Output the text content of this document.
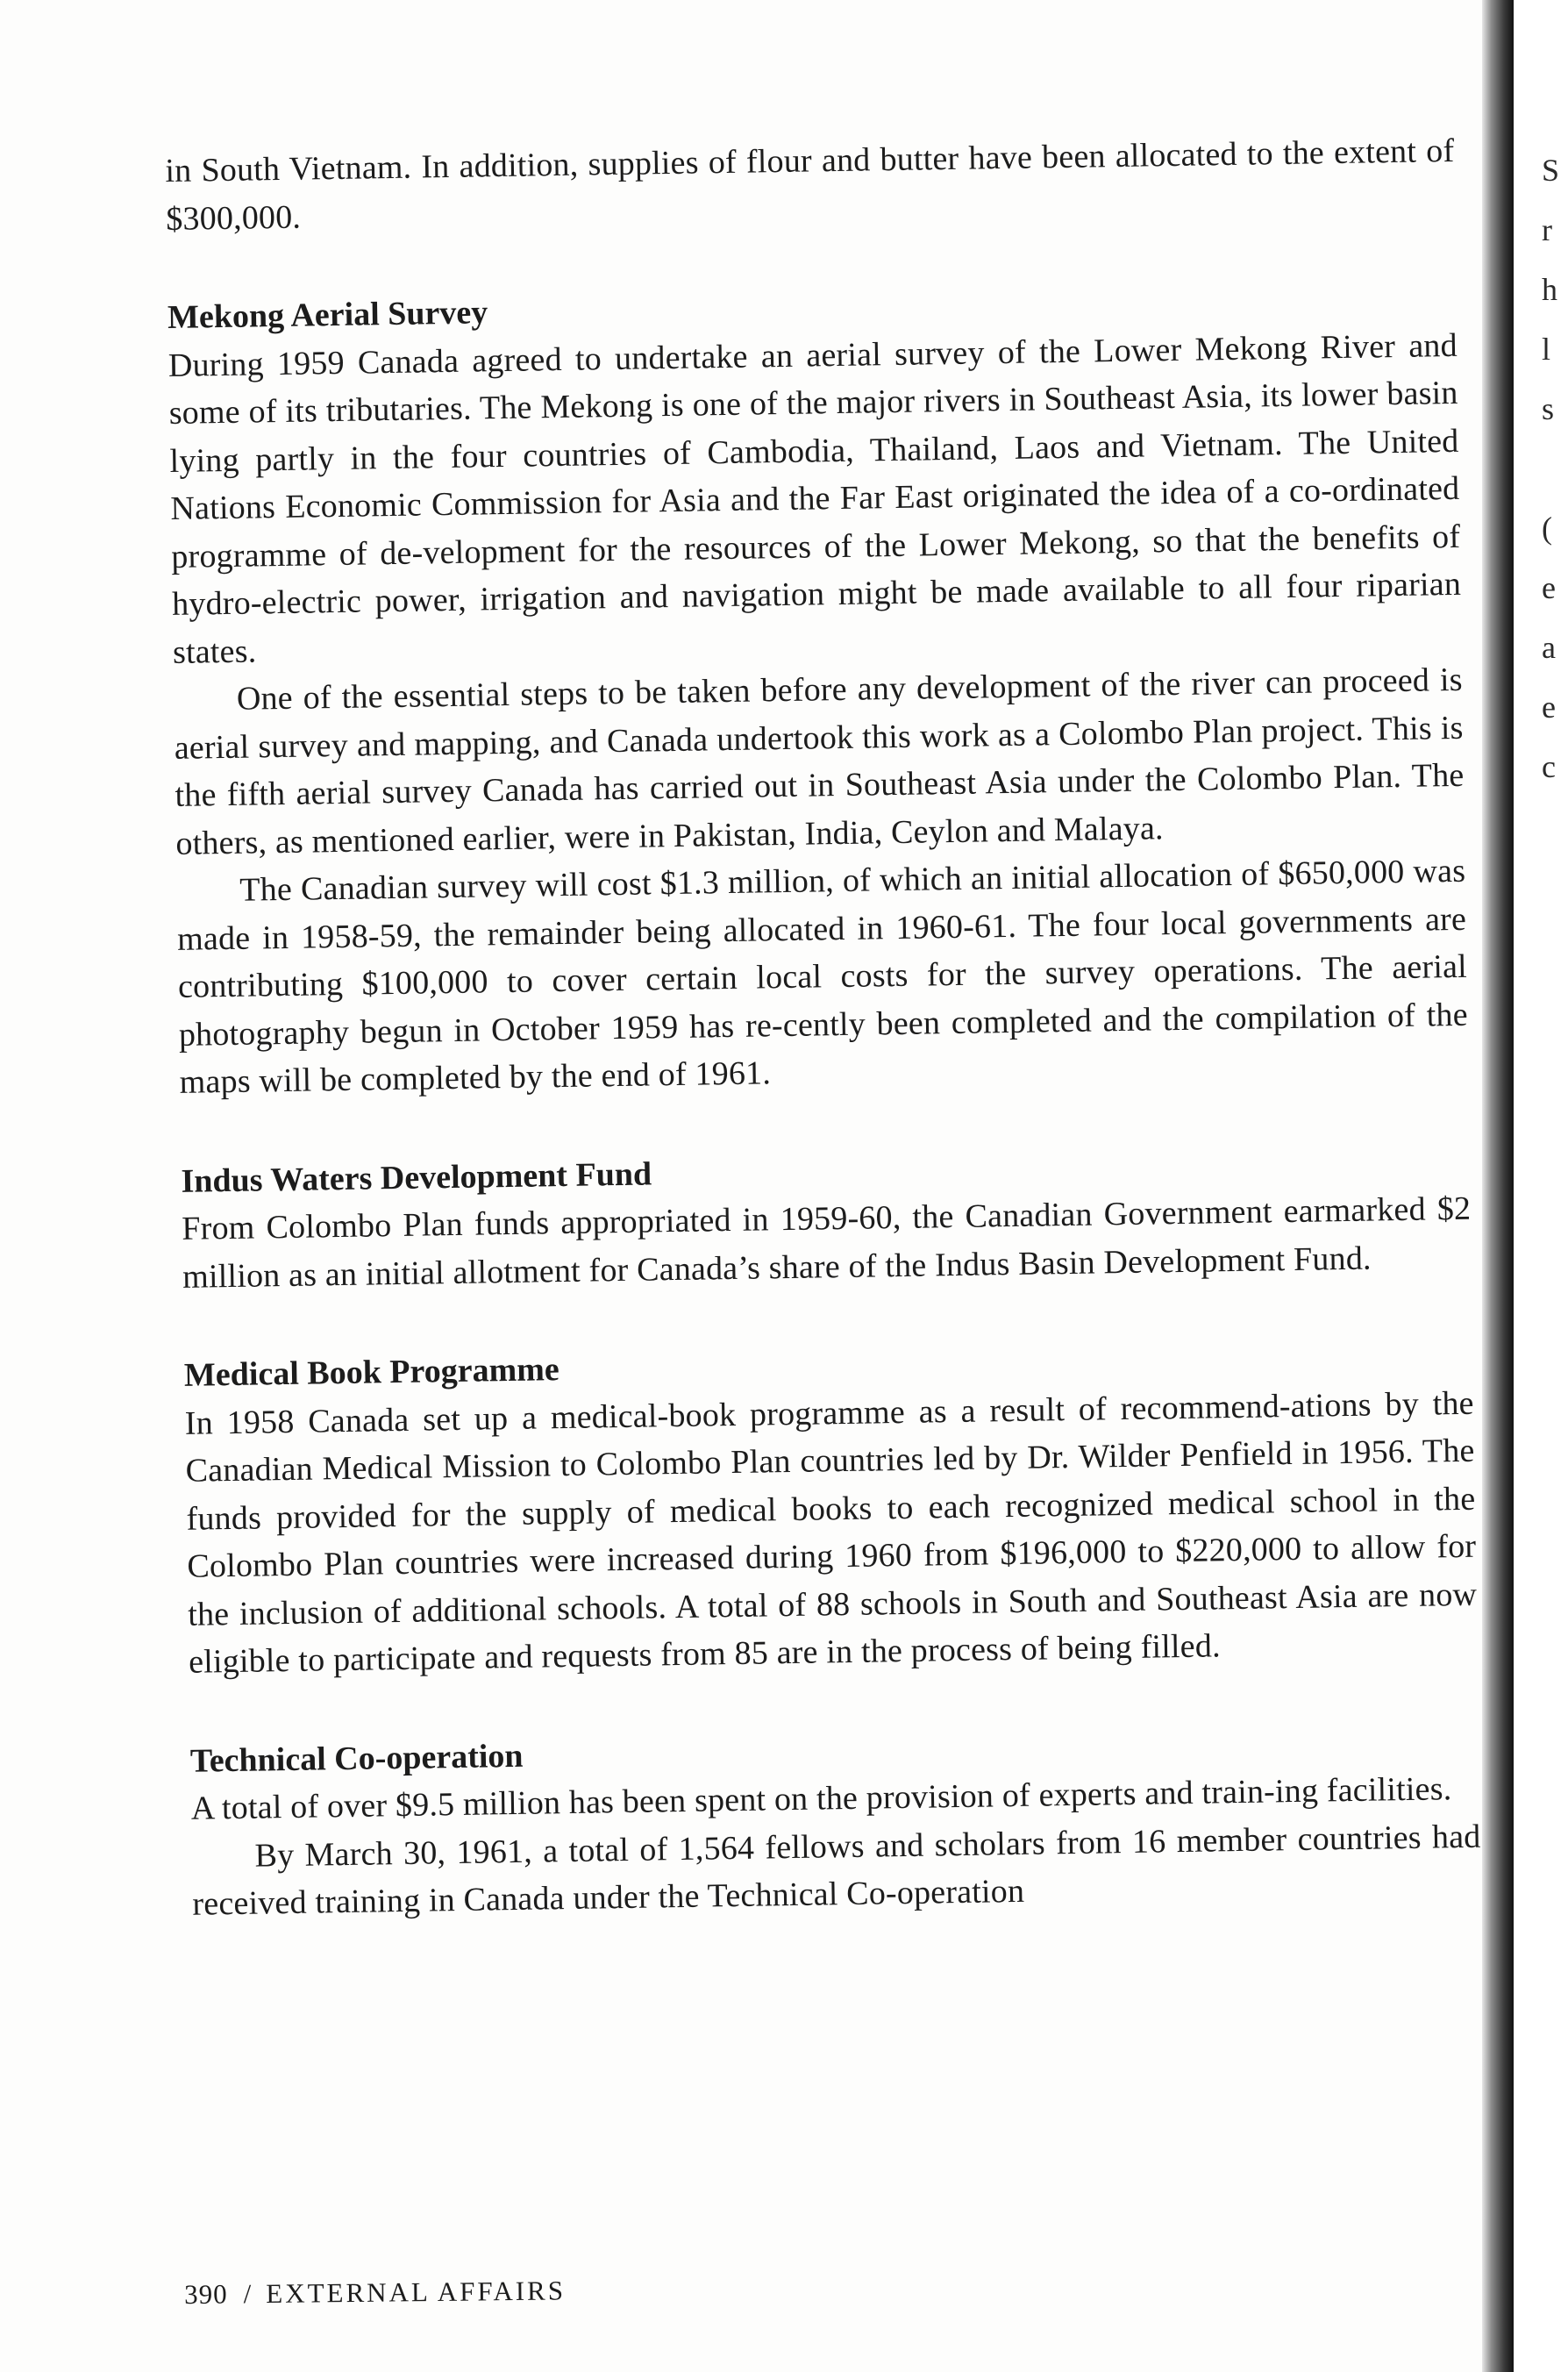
in South Vietnam. In addition, supplies of flour and butter have been allocated to the extent of $300,000.

Mekong Aerial Survey

During 1959 Canada agreed to undertake an aerial survey of the Lower Mekong River and some of its tributaries. The Mekong is one of the major rivers in Southeast Asia, its lower basin lying partly in the four countries of Cambodia, Thailand, Laos and Vietnam. The United Nations Economic Commission for Asia and the Far East originated the idea of a co-ordinated programme of de-velopment for the resources of the Lower Mekong, so that the benefits of hydro-electric power, irrigation and navigation might be made available to all four riparian states.

One of the essential steps to be taken before any development of the river can proceed is aerial survey and mapping, and Canada undertook this work as a Colombo Plan project. This is the fifth aerial survey Canada has carried out in Southeast Asia under the Colombo Plan. The others, as mentioned earlier, were in Pakistan, India, Ceylon and Malaya.

The Canadian survey will cost $1.3 million, of which an initial allocation of $650,000 was made in 1958-59, the remainder being allocated in 1960-61. The four local governments are contributing $100,000 to cover certain local costs for the survey operations. The aerial photography begun in October 1959 has re-cently been completed and the compilation of the maps will be completed by the end of 1961.

Indus Waters Development Fund

From Colombo Plan funds appropriated in 1959-60, the Canadian Government earmarked $2 million as an initial allotment for Canada’s share of the Indus Basin Development Fund.

Medical Book Programme

In 1958 Canada set up a medical-book programme as a result of recommend-ations by the Canadian Medical Mission to Colombo Plan countries led by Dr. Wilder Penfield in 1956. The funds provided for the supply of medical books to each recognized medical school in the Colombo Plan countries were increased during 1960 from $196,000 to $220,000 to allow for the inclusion of additional schools. A total of 88 schools in South and Southeast Asia are now eligible to participate and requests from 85 are in the process of being filled.

Technical Co-operation

A total of over $9.5 million has been spent on the provision of experts and train-ing facilities.

By March 30, 1961, a total of 1,564 fellows and scholars from 16 member countries had received training in Canada under the Technical Co-operation

390 / EXTERNAL AFFAIRS
S
r
h
l
s
(
e
a
e
c
